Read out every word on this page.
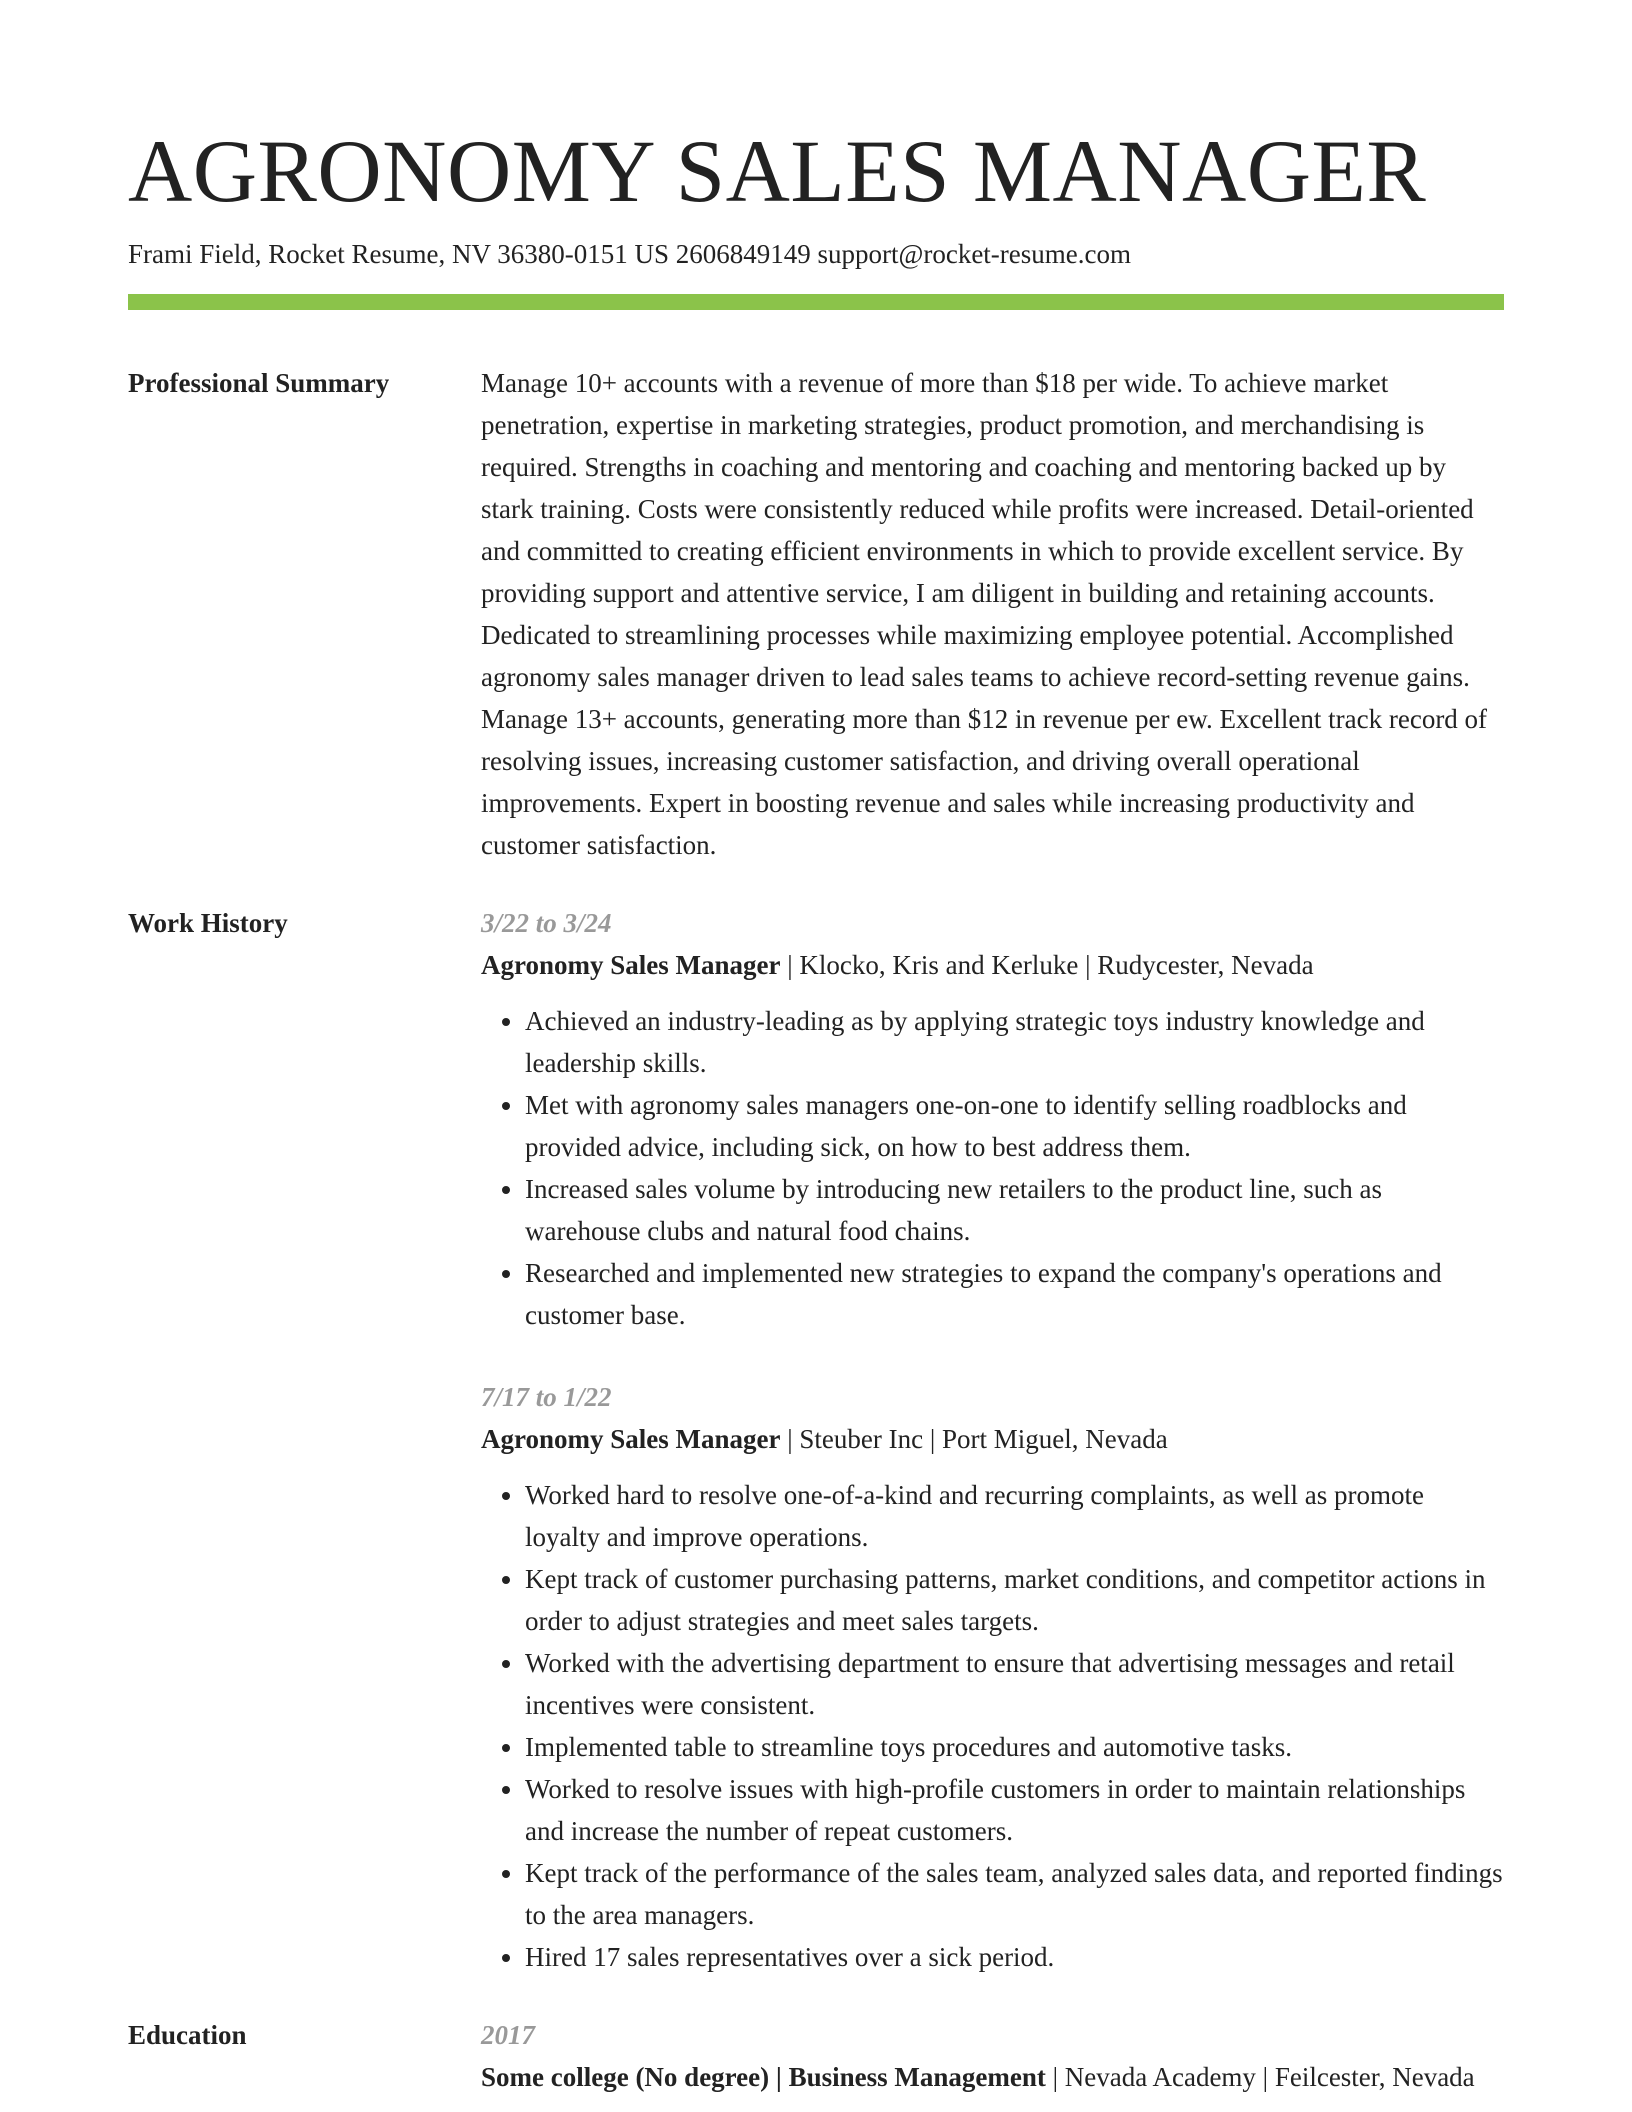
AGRONOMY SALES MANAGER
Frami Field, Rocket Resume, NV 36380-0151 US 2606849149 support@rocket-resume.com
Professional Summary	Manage 10+ accounts with a revenue of more than $18 per wide. To achieve market penetration, expertise in marketing strategies, product promotion, and merchandising is required. Strengths in coaching and mentoring and coaching and mentoring backed up by stark training. Costs were consistently reduced while profits were increased. Detail-oriented and committed to creating efficient environments in which to provide excellent service. By providing support and attentive service, I am diligent in building and retaining accounts. Dedicated to streamlining processes while maximizing employee potential. Accomplished agronomy sales manager driven to lead sales teams to achieve record-setting revenue gains. Manage 13+ accounts, generating more than $12 in revenue per ew. Excellent track record of resolving issues, increasing customer satisfaction, and driving overall operational improvements. Expert in boosting revenue and sales while increasing productivity and customer satisfaction.

Work History	3/22 to 3/24
Agronomy Sales Manager | Klocko, Kris and Kerluke | Rudycester, Nevada
• Achieved an industry-leading as by applying strategic toys industry knowledge and leadership skills.
• Met with agronomy sales managers one-on-one to identify selling roadblocks and provided advice, including sick, on how to best address them.
• Increased sales volume by introducing new retailers to the product line, such as warehouse clubs and natural food chains.
• Researched and implemented new strategies to expand the company's operations and customer base.
7/17 to 1/22
Agronomy Sales Manager | Steuber Inc | Port Miguel, Nevada
• Worked hard to resolve one-of-a-kind and recurring complaints, as well as promote loyalty and improve operations.
• Kept track of customer purchasing patterns, market conditions, and competitor actions in order to adjust strategies and meet sales targets.
• Worked with the advertising department to ensure that advertising messages and retail incentives were consistent.
• Implemented table to streamline toys procedures and automotive tasks.
• Worked to resolve issues with high-profile customers in order to maintain relationships and increase the number of repeat customers.
• Kept track of the performance of the sales team, analyzed sales data, and reported findings to the area managers.
• Hired 17 sales representatives over a sick period.
Education	2017
Some college (No degree) | Business Management | Nevada Academy | Feilcester, Nevada
